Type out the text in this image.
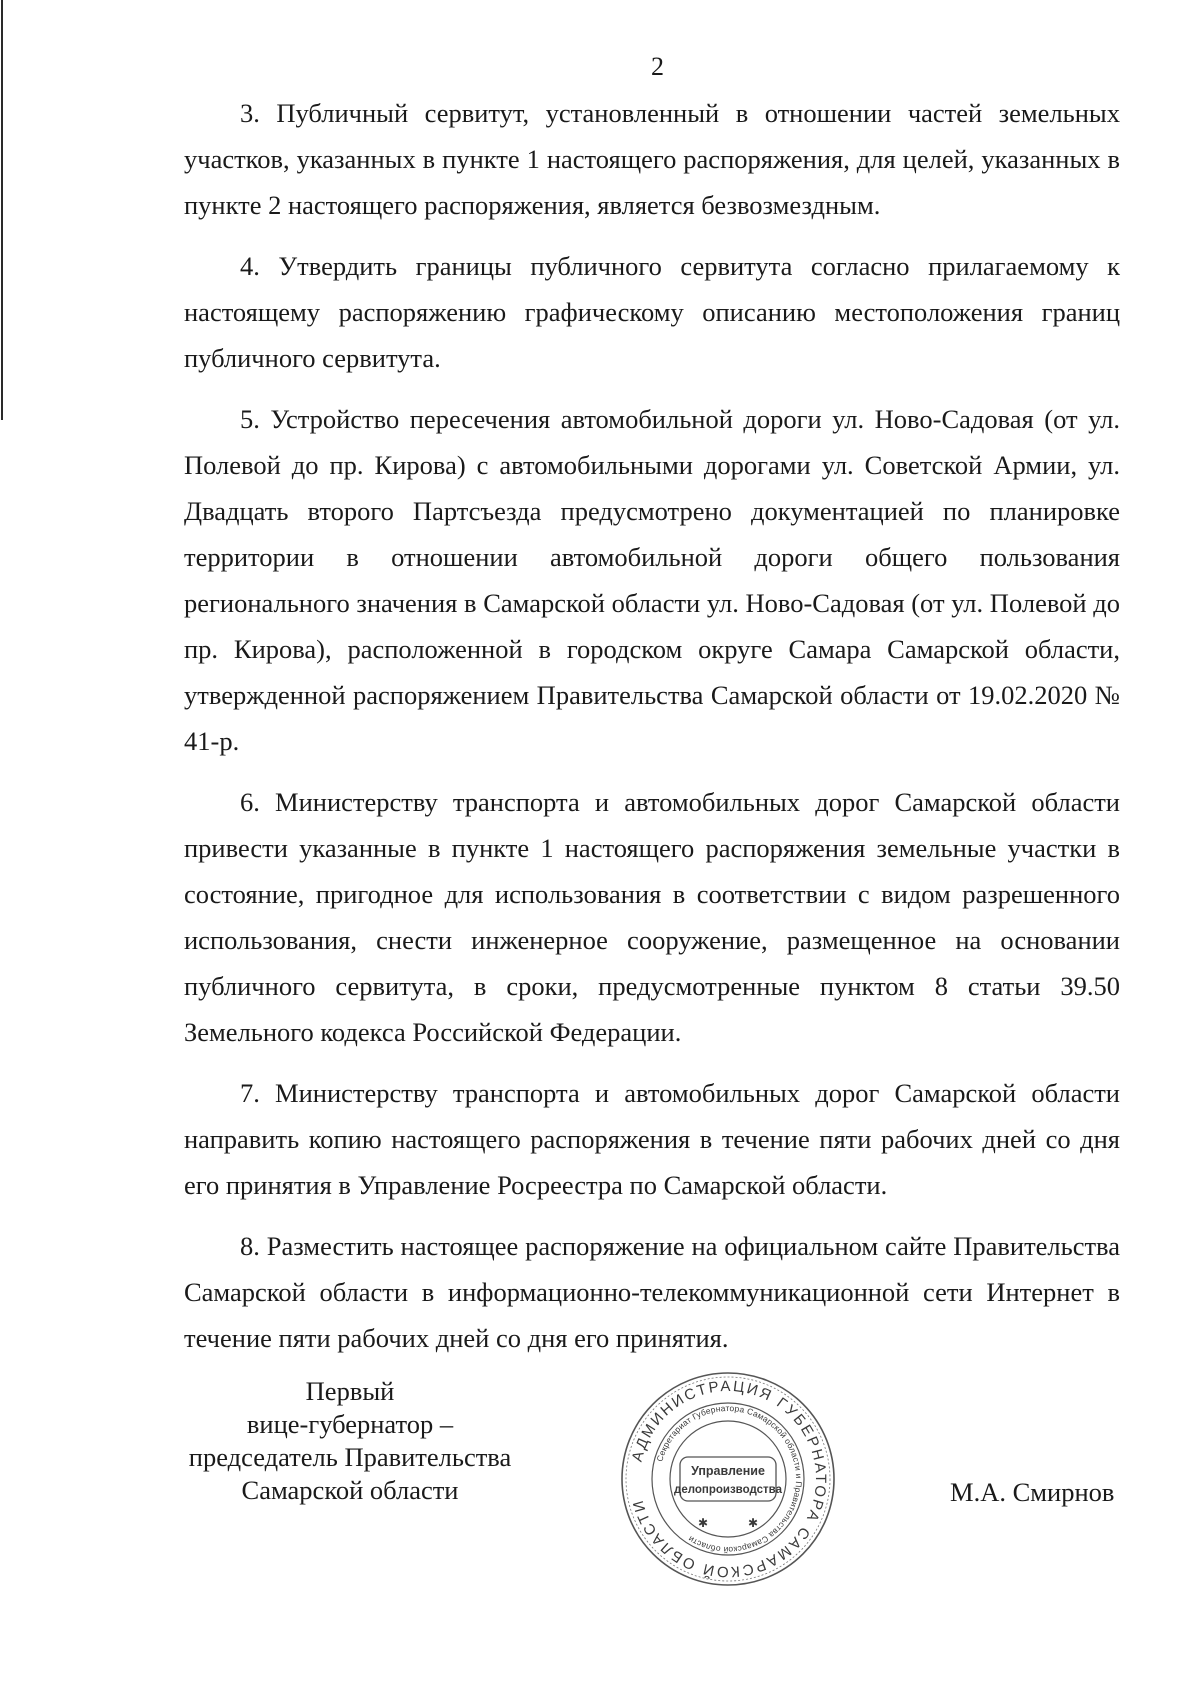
2

3. Публичный сервитут, установленный в отношении частей земельных участков, указанных в пункте 1 настоящего распоряжения, для целей, указанных в пункте 2 настоящего распоряжения, является безвозмездным.

4. Утвердить границы публичного сервитута согласно прилагаемому к настоящему распоряжению графическому описанию местоположения границ публичного сервитута.

5. Устройство пересечения автомобильной дороги ул. Ново-Садовая (от ул. Полевой до пр. Кирова) с автомобильными дорогами ул. Советской Армии, ул. Двадцать второго Партсъезда предусмотрено документацией по планировке территории в отношении автомобильной дороги общего пользования регионального значения в Самарской области ул. Ново-Садовая (от ул. Полевой до пр. Кирова), расположенной в городском округе Самара Самарской области, утвержденной распоряжением Правительства Самарской области от 19.02.2020 № 41-р.

6. Министерству транспорта и автомобильных дорог Самарской области привести указанные в пункте 1 настоящего распоряжения земельные участки в состояние, пригодное для использования в соответствии с видом разрешенного использования, снести инженерное сооружение, размещенное на основании публичного сервитута, в сроки, предусмотренные пунктом 8 статьи 39.50 Земельного кодекса Российской Федерации.

7. Министерству транспорта и автомобильных дорог Самарской области направить копию настоящего распоряжения в течение пяти рабочих дней со дня его принятия в Управление Росреестра по Самарской области.

8. Разместить настоящее распоряжение на официальном сайте Правительства Самарской области в информационно-телекоммуникационной сети Интернет в течение пяти рабочих дней со дня его принятия.

Первый
вице-губернатор –
председатель Правительства
Самарской области
АДМИНИСТРАЦИЯ ГУБЕРНАТОРА САМАРСКОЙ ОБЛАСТИ
Секретариат Губернатора Самарской области и Правительства Самарской области
Управление
делопроизводства
✱	✱
М.А. Смирнов
